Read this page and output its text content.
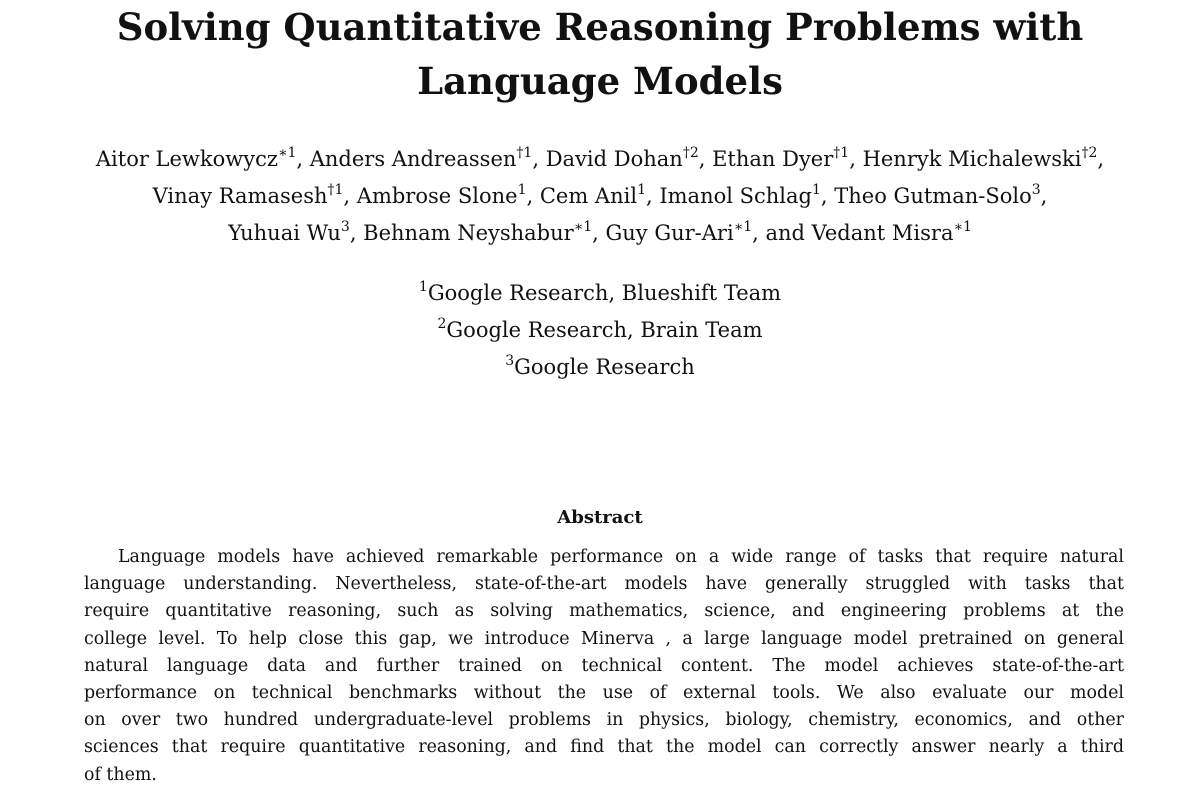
Solving Quantitative Reasoning Problems with
Language Models
Aitor Lewkowycz$^{∗1}$, Anders Andreassen$^{\dagger 1}$, David Dohan$^{\dagger 2}$, Ethan Dyer$^{\dagger 1}$, Henryk Michalewski$^{\dagger 2}$,
Vinay Ramasesh$^{\dagger 1}$, Ambrose Slone$^1$, Cem Anil$^1$, Imanol Schlag$^1$, Theo Gutman-Solo$^3$,
Yuhuai Wu$^3$, Behnam Neyshabur$^{∗1}$, Guy Gur-Ari$^{∗1}$, and Vedant Misra$^{∗1}$
$^1$Google Research, Blueshift Team
$^2$Google Research, Brain Team
$^3$Google Research
Abstract
Language models have achieved remarkable performance on a wide range of tasks that require natural
language understanding. Nevertheless, state-of-the-art models have generally struggled with tasks that
require quantitative reasoning, such as solving mathematics, science, and engineering problems at the
college level. To help close this gap, we introduce Minerva , a large language model pretrained on general
natural language data and further trained on technical content. The model achieves state-of-the-art
performance on technical benchmarks without the use of external tools. We also evaluate our model
on over two hundred undergraduate-level problems in physics, biology, chemistry, economics, and other
sciences that require quantitative reasoning, and find that the model can correctly answer nearly a third
of them.
